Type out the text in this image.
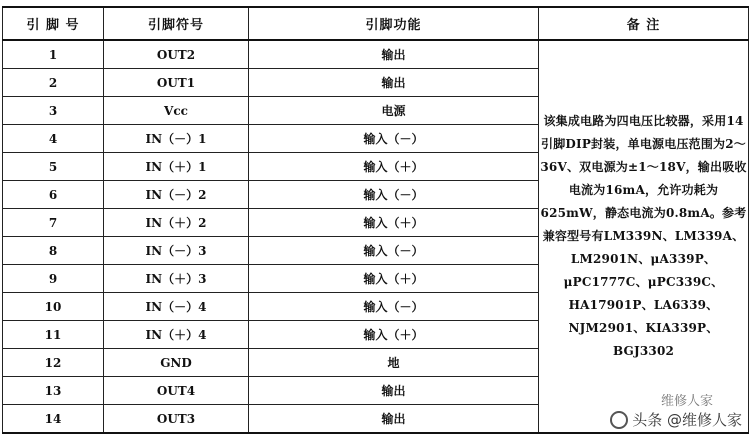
引 脚 号	引脚符号	引脚功能	备 注
1	OUT2	输出	该集成电路为四电压比较器，采用14引脚DIP封装，单电源电压范围为2～36V、双电源为±1～18V，输出吸收电流为16mA，允许功耗为625mW，静态电流为0.8mA。参考兼容型号有LM339N、LM339A、LM2901N、μA339P、μPC1777C、μPC339C、HA17901P、LA6339、NJM2901、KIA339P、BGJ3302
2	OUT1	输出	
3	Vcc	电源	
4	IN（－）1	输入（－）	
5	IN（＋）1	输入（＋）	
6	IN（－）2	输入（－）	
7	IN（＋）2	输入（＋）	
8	IN（－）3	输入（－）	
9	IN（＋）3	输入（＋）	
10	IN（－）4	输入（－）	
11	IN（＋）4	输入（＋）	
12	GND	地	
13	OUT4	输出	
14	OUT3	输出	
维修人家
头条 @维修人家
